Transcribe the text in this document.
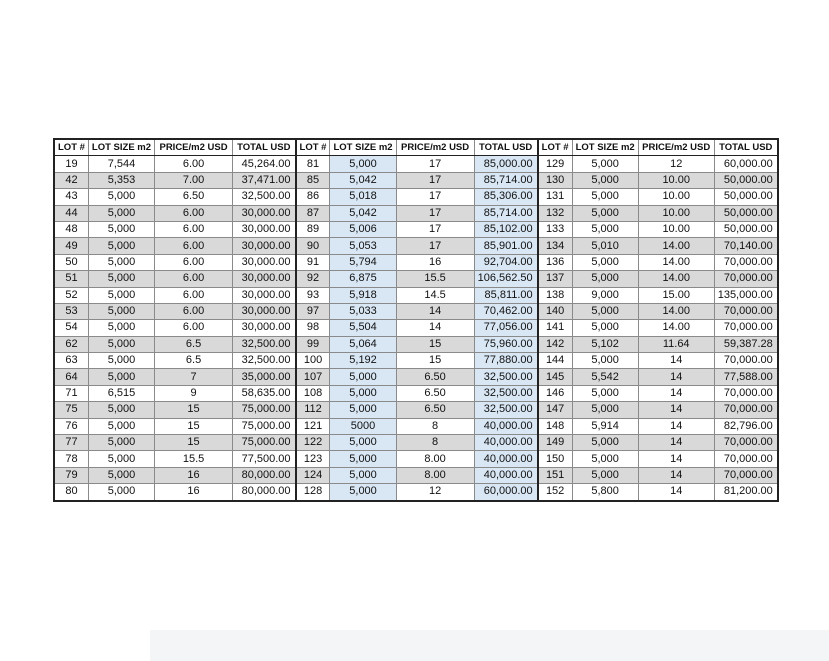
LOT #	LOT SIZE m2	PRICE/m2 USD	TOTAL USD	LOT #	LOT SIZE m2	PRICE/m2 USD	TOTAL USD	LOT #	LOT SIZE m2	PRICE/m2 USD	TOTAL USD
19	7,544	6.00	45,264.00	81	5,000	17	85,000.00	129	5,000	12	60,000.00
42	5,353	7.00	37,471.00	85	5,042	17	85,714.00	130	5,000	10.00	50,000.00
43	5,000	6.50	32,500.00	86	5,018	17	85,306.00	131	5,000	10.00	50,000.00
44	5,000	6.00	30,000.00	87	5,042	17	85,714.00	132	5,000	10.00	50,000.00
48	5,000	6.00	30,000.00	89	5,006	17	85,102.00	133	5,000	10.00	50,000.00
49	5,000	6.00	30,000.00	90	5,053	17	85,901.00	134	5,010	14.00	70,140.00
50	5,000	6.00	30,000.00	91	5,794	16	92,704.00	136	5,000	14.00	70,000.00
51	5,000	6.00	30,000.00	92	6,875	15.5	106,562.50	137	5,000	14.00	70,000.00
52	5,000	6.00	30,000.00	93	5,918	14.5	85,811.00	138	9,000	15.00	135,000.00
53	5,000	6.00	30,000.00	97	5,033	14	70,462.00	140	5,000	14.00	70,000.00
54	5,000	6.00	30,000.00	98	5,504	14	77,056.00	141	5,000	14.00	70,000.00
62	5,000	6.5	32,500.00	99	5,064	15	75,960.00	142	5,102	11.64	59,387.28
63	5,000	6.5	32,500.00	100	5,192	15	77,880.00	144	5,000	14	70,000.00
64	5,000	7	35,000.00	107	5,000	6.50	32,500.00	145	5,542	14	77,588.00
71	6,515	9	58,635.00	108	5,000	6.50	32,500.00	146	5,000	14	70,000.00
75	5,000	15	75,000.00	112	5,000	6.50	32,500.00	147	5,000	14	70,000.00
76	5,000	15	75,000.00	121	5000	8	40,000.00	148	5,914	14	82,796.00
77	5,000	15	75,000.00	122	5,000	8	40,000.00	149	5,000	14	70,000.00
78	5,000	15.5	77,500.00	123	5,000	8.00	40,000.00	150	5,000	14	70,000.00
79	5,000	16	80,000.00	124	5,000	8.00	40,000.00	151	5,000	14	70,000.00
80	5,000	16	80,000.00	128	5,000	12	60,000.00	152	5,800	14	81,200.00
